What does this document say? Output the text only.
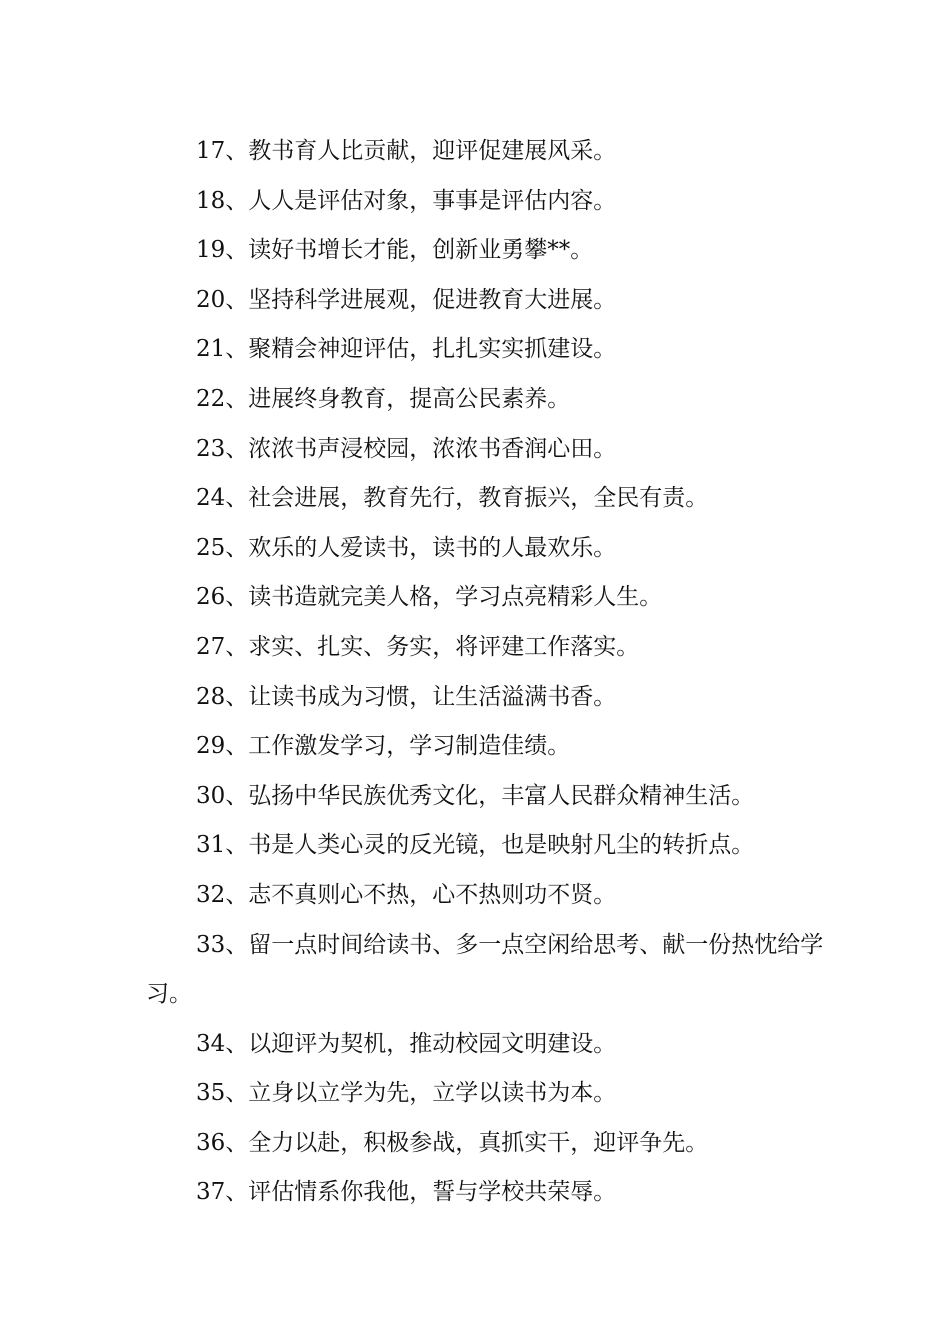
17、教书育人比贡献，迎评促建展风采。
18、人人是评估对象，事事是评估内容。
19、读好书增长才能，创新业勇攀**。
20、坚持科学进展观，促进教育大进展。
21、聚精会神迎评估，扎扎实实抓建设。
22、进展终身教育，提高公民素养。
23、浓浓书声浸校园，浓浓书香润心田。
24、社会进展，教育先行，教育振兴，全民有责。
25、欢乐的人爱读书，读书的人最欢乐。
26、读书造就完美人格，学习点亮精彩人生。
27、求实、扎实、务实，将评建工作落实。
28、让读书成为习惯，让生活溢满书香。
29、工作激发学习，学习制造佳绩。
30、弘扬中华民族优秀文化，丰富人民群众精神生活。
31、书是人类心灵的反光镜，也是映射凡尘的转折点。
32、志不真则心不热，心不热则功不贤。
33、留一点时间给读书、多一点空闲给思考、献一份热忱给学习。
34、以迎评为契机，推动校园文明建设。
35、立身以立学为先，立学以读书为本。
36、全力以赴，积极参战，真抓实干，迎评争先。
37、评估情系你我他，誓与学校共荣辱。
